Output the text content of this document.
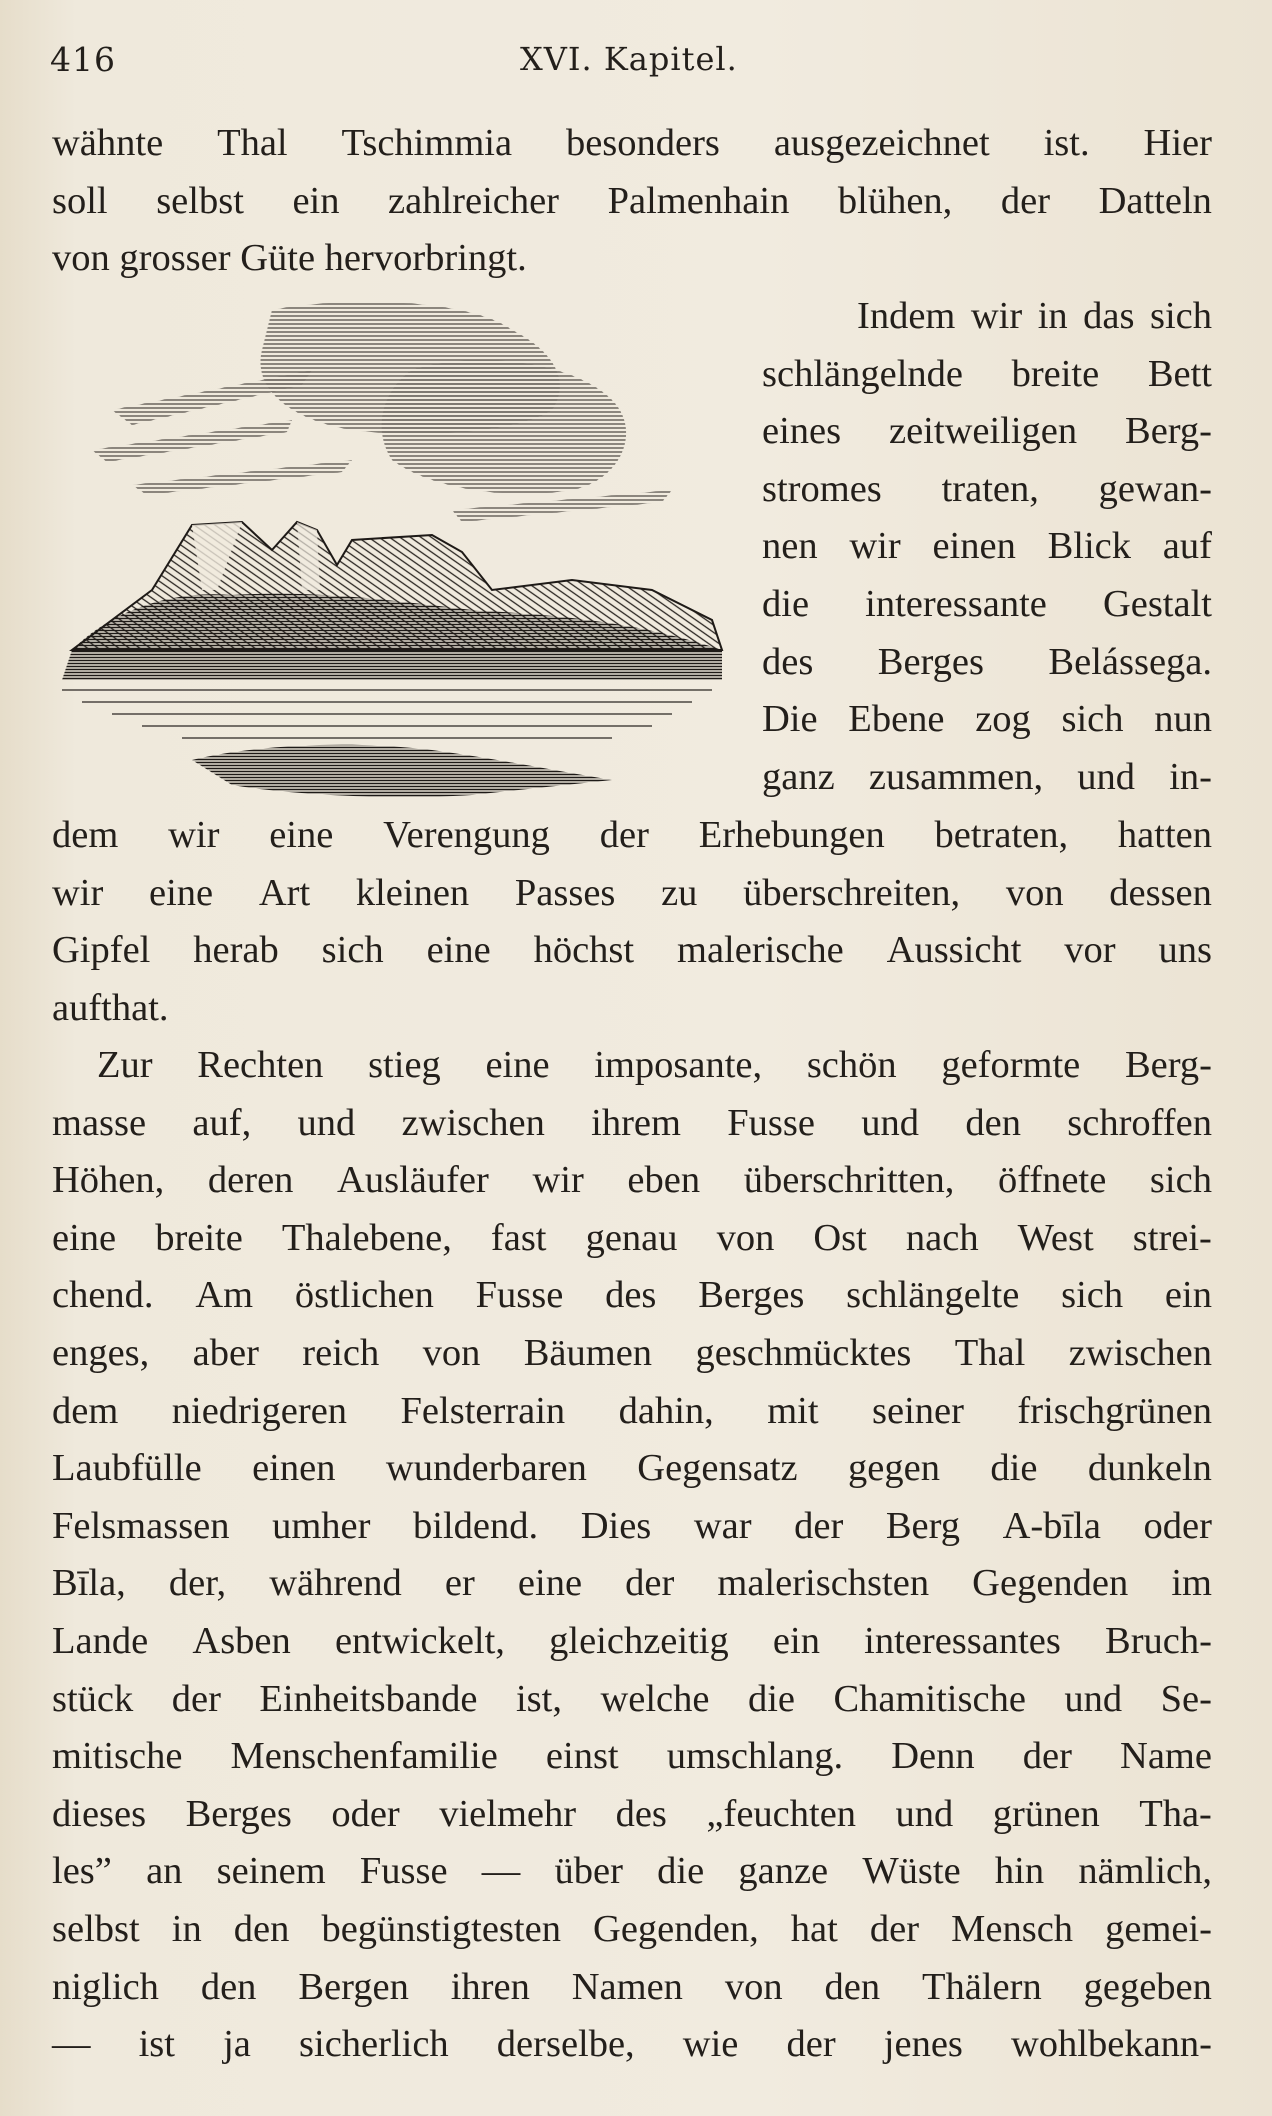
416	XVI. Kapitel.
wähnte Thal Tschimmia besonders ausgezeichnet ist. Hier
soll selbst ein zahlreicher Palmenhain blühen, der Datteln
von grosser Güte hervorbringt.
Indem wir in das sich
schlängelnde breite Bett
eines zeitweiligen Berg-
stromes traten, gewan-
nen wir einen Blick auf
die interessante Gestalt
des Berges Belássega.
Die Ebene zog sich nun
ganz zusammen, und in-
dem wir eine Verengung der Erhebungen betraten, hatten
wir eine Art kleinen Passes zu überschreiten, von dessen
Gipfel herab sich eine höchst malerische Aussicht vor uns
aufthat.
Zur Rechten stieg eine imposante, schön geformte Berg-
masse auf, und zwischen ihrem Fusse und den schroffen
Höhen, deren Ausläufer wir eben überschritten, öffnete sich
eine breite Thalebene, fast genau von Ost nach West strei-
chend. Am östlichen Fusse des Berges schlängelte sich ein
enges, aber reich von Bäumen geschmücktes Thal zwischen
dem niedrigeren Felsterrain dahin, mit seiner frischgrünen
Laubfülle einen wunderbaren Gegensatz gegen die dunkeln
Felsmassen umher bildend. Dies war der Berg A-bīla oder
Bīla, der, während er eine der malerischsten Gegenden im
Lande Asben entwickelt, gleichzeitig ein interessantes Bruch-
stück der Einheitsbande ist, welche die Chamitische und Se-
mitische Menschenfamilie einst umschlang. Denn der Name
dieses Berges oder vielmehr des „feuchten und grünen Tha-
les” an seinem Fusse — über die ganze Wüste hin nämlich,
selbst in den begünstigtesten Gegenden, hat der Mensch gemei-
niglich den Bergen ihren Namen von den Thälern gegeben
— ist ja sicherlich derselbe, wie der jenes wohlbekann-
